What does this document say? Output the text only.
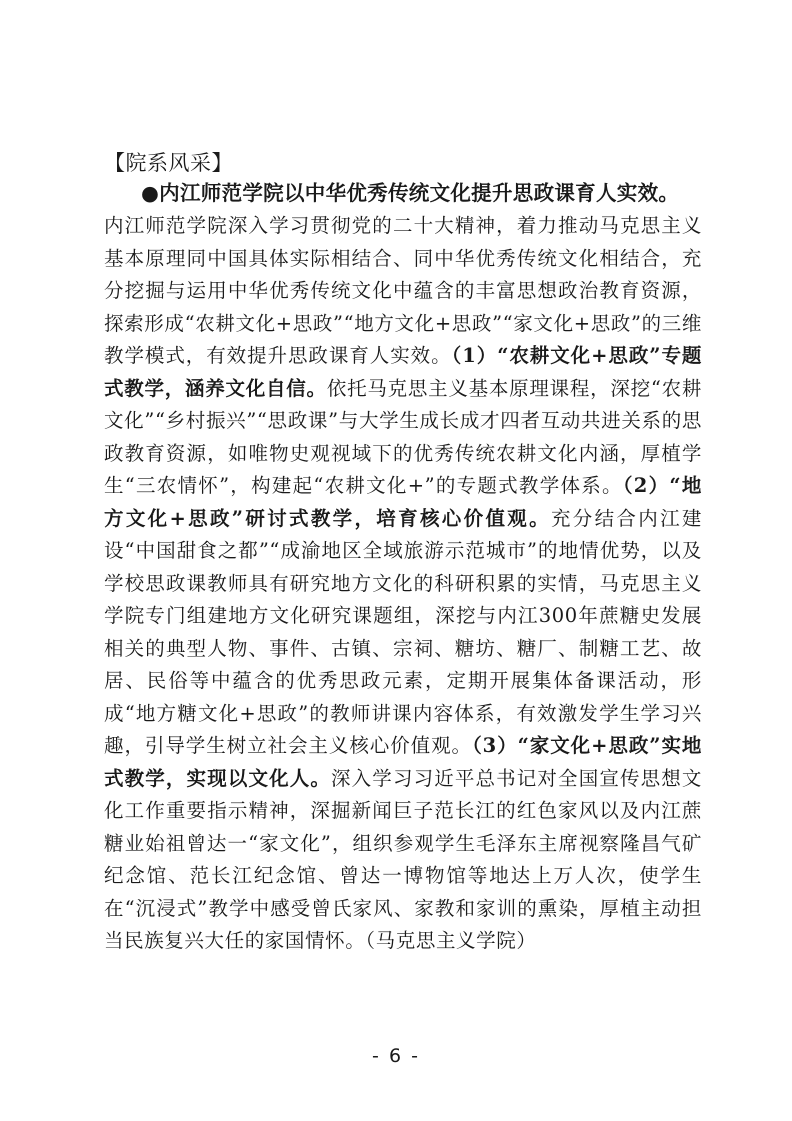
【院系风采】
●内江师范学院以中华优秀传统文化提升思政课育人实效。
内江师范学院深入学习贯彻党的二十大精神，着力推动马克思主义基本原理同中国具体实际相结合、同中华优秀传统文化相结合，充分挖掘与运用中华优秀传统文化中蕴含的丰富思想政治教育资源，探索形成“农耕文化+思政”“地方文化+思政”“家文化+思政”的三维教学模式，有效提升思政课育人实效。（1）“农耕文化+思政”专题式教学，涵养文化自信。依托马克思主义基本原理课程，深挖“农耕文化”“乡村振兴”“思政课”与大学生成长成才四者互动共进关系的思政教育资源，如唯物史观视域下的优秀传统农耕文化内涵，厚植学生“三农情怀”，构建起“农耕文化+”的专题式教学体系。（2）“地方文化+思政”研讨式教学，培育核心价值观。充分结合内江建设“中国甜食之都”“成渝地区全域旅游示范城市”的地情优势，以及学校思政课教师具有研究地方文化的科研积累的实情，马克思主义学院专门组建地方文化研究课题组，深挖与内江300年蔗糖史发展相关的典型人物、事件、古镇、宗祠、糖坊、糖厂、制糖工艺、故居、民俗等中蕴含的优秀思政元素，定期开展集体备课活动，形成“地方糖文化+思政”的教师讲课内容体系，有效激发学生学习兴趣，引导学生树立社会主义核心价值观。（3）“家文化+思政”实地式教学，实现以文化人。深入学习习近平总书记对全国宣传思想文化工作重要指示精神，深掘新闻巨子范长江的红色家风以及内江蔗糖业始祖曾达一“家文化”，组织参观学生毛泽东主席视察隆昌气矿纪念馆、范长江纪念馆、曾达一博物馆等地达上万人次，使学生在“沉浸式”教学中感受曾氏家风、家教和家训的熏染，厚植主动担当民族复兴大任的家国情怀。（马克思主义学院）
- 6 -
